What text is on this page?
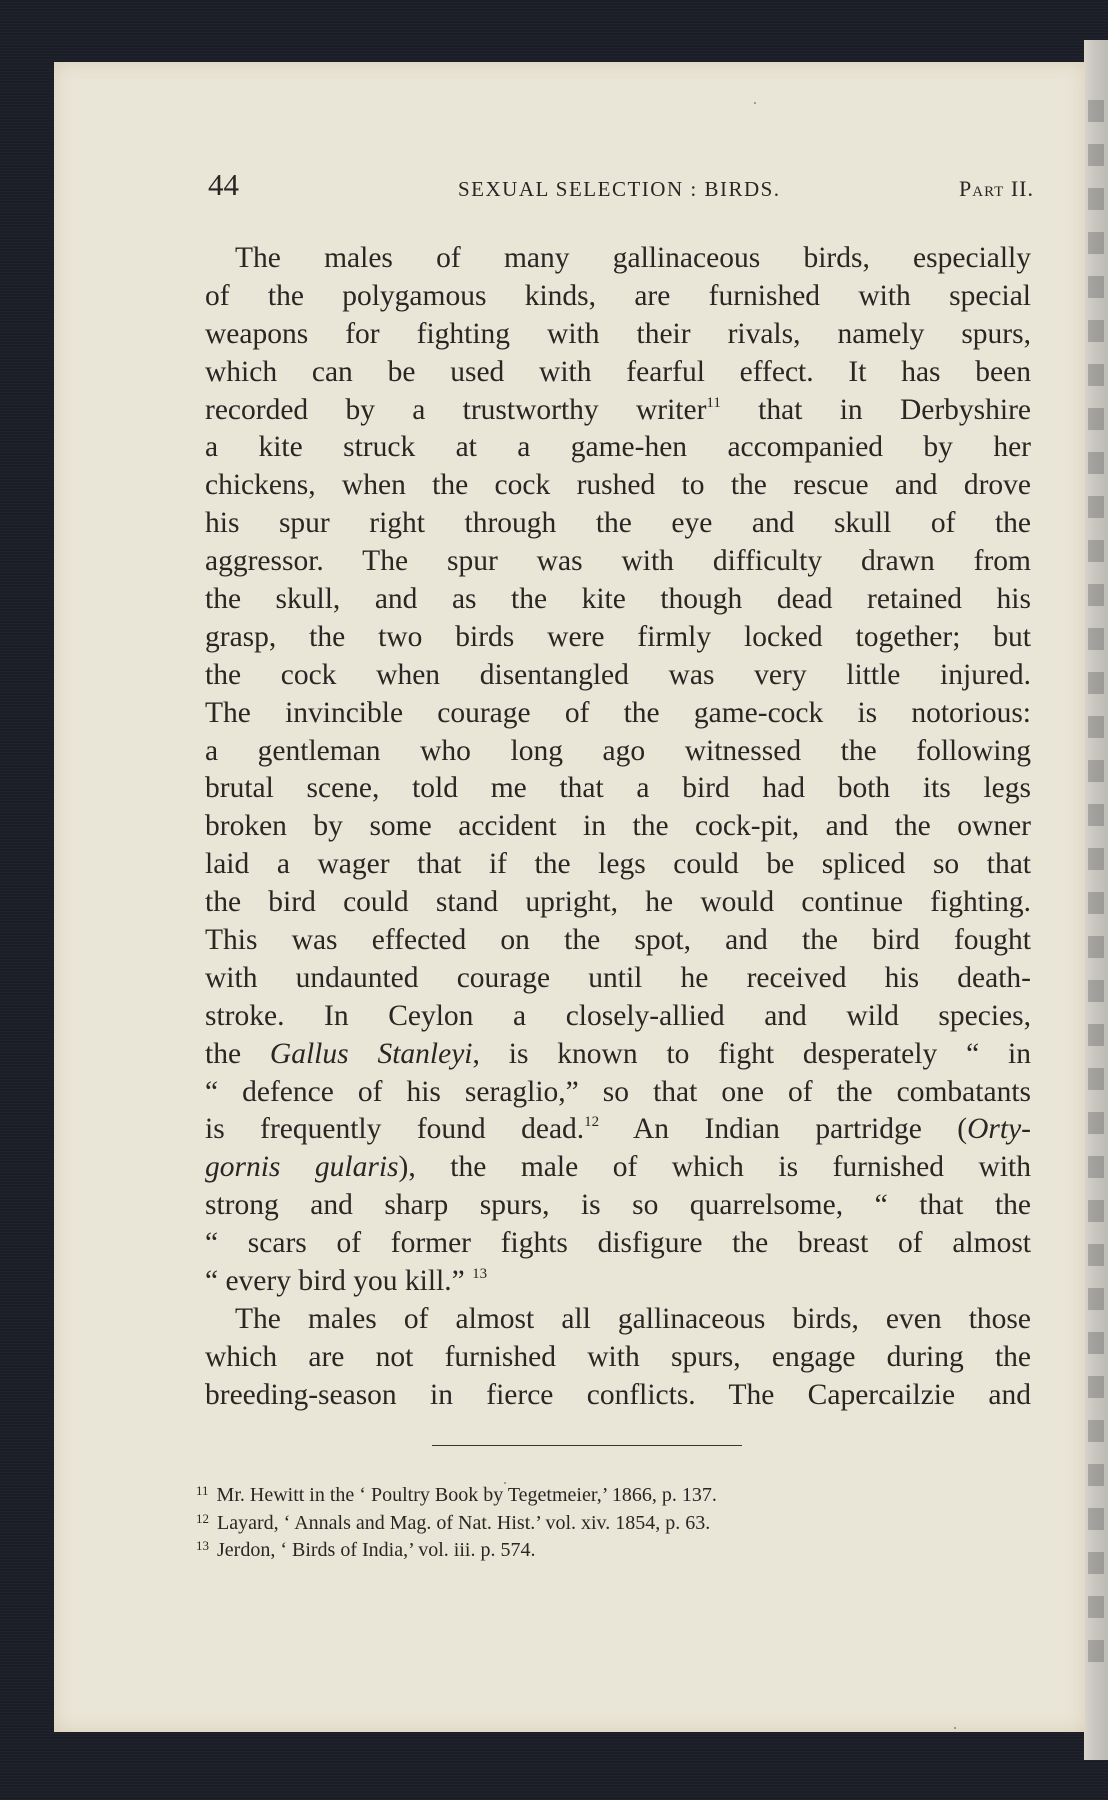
44	SEXUAL SELECTION : BIRDS.	Part II.
The males of many gallinaceous birds, especially
of the polygamous kinds, are furnished with special
weapons for fighting with their rivals, namely spurs,
which can be used with fearful effect. It has been
recorded by a trustworthy writer$^{11}$ that in Derbyshire
a kite struck at a game-hen accompanied by her
chickens, when the cock rushed to the rescue and drove
his spur right through the eye and skull of the
aggressor. The spur was with difficulty drawn from
the skull, and as the kite though dead retained his
grasp, the two birds were firmly locked together; but
the cock when disentangled was very little injured.
The invincible courage of the game-cock is notorious:
a gentleman who long ago witnessed the following
brutal scene, told me that a bird had both its legs
broken by some accident in the cock-pit, and the owner
laid a wager that if the legs could be spliced so that
the bird could stand upright, he would continue fighting.
This was effected on the spot, and the bird fought
with undaunted courage until he received his death-
stroke. In Ceylon a closely-allied and wild species,
the Gallus Stanleyi, is known to fight desperately “ in
“ defence of his seraglio,” so that one of the combatants
is frequently found dead.$^{12}$ An Indian partridge (Orty-
gornis gularis), the male of which is furnished with
strong and sharp spurs, is so quarrelsome, “ that the
“ scars of former fights disfigure the breast of almost
“ every bird you kill.” $^{13}$
The males of almost all gallinaceous birds, even those
which are not furnished with spurs, engage during the
breeding-season in fierce conflicts. The Capercailzie and
$^{11}$ Mr. Hewitt in the ‘ Poultry Book by Tegetmeier,’ 1866, p. 137.
$^{12}$ Layard, ‘ Annals and Mag. of Nat. Hist.’ vol. xiv. 1854, p. 63.
$^{13}$ Jerdon, ‘ Birds of India,’ vol. iii. p. 574.
